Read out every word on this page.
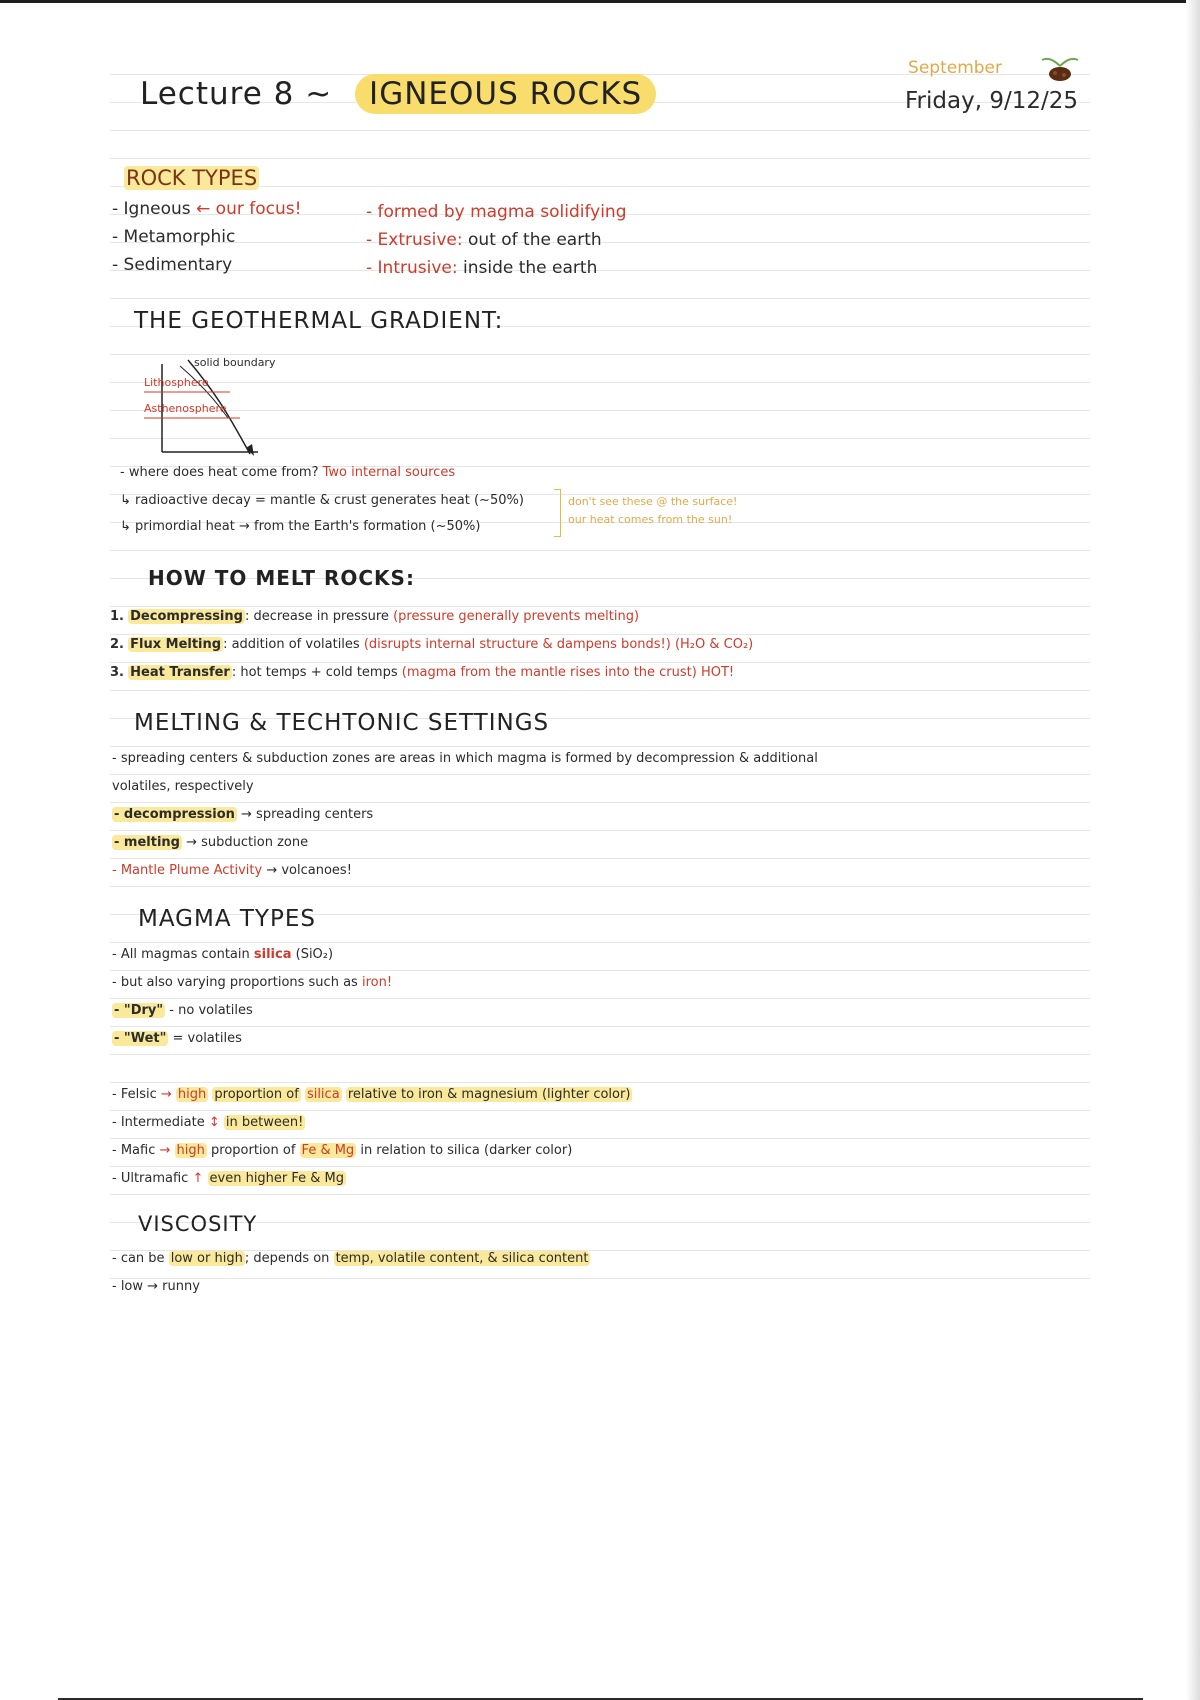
Lecture 8 ~ IGNEOUS ROCKS
September
Friday, 9/12/25
ROCK TYPES
- Igneous ← our focus!
- Metamorphic
- Sedimentary
- formed by magma solidifying
- Extrusive: out of the earth
- Intrusive: inside the earth
THE GEOTHERMAL GRADIENT:
solid boundary
Lithosphere
Asthenosphere
- where does heat come from? Two internal sources
↳ radioactive decay = mantle & crust generates heat (~50%)
↳ primordial heat → from the Earth's formation (~50%)
don't see these @ the surface!
our heat comes from the sun!
HOW TO MELT ROCKS:
1. Decompressing : decrease in pressure (pressure generally prevents melting)
2. Flux Melting : addition of volatiles (disrupts internal structure & dampens bonds!) (H₂O & CO₂)
3. Heat Transfer : hot temps + cold temps (magma from the mantle rises into the crust) HOT!
MELTING & TECHTONIC SETTINGS
- spreading centers & subduction zones are areas in which magma is formed by decompression & additional
volatiles, respectively
- decompression → spreading centers
- melting → subduction zone
- Mantle Plume Activity → volcanoes!
MAGMA TYPES
- All magmas contain silica (SiO₂)
- but also varying proportions such as iron!
- "Dry" - no volatiles
- "Wet" = volatiles
- Felsic → high proportion of silica relative to iron & magnesium (lighter color)
- Intermediate ↕ in between!
- Mafic → high proportion of Fe & Mg in relation to silica (darker color)
- Ultramafic ↑ even higher Fe & Mg
VISCOSITY
- can be low or high ; depends on temp, volatile content, & silica content
- low → runny
